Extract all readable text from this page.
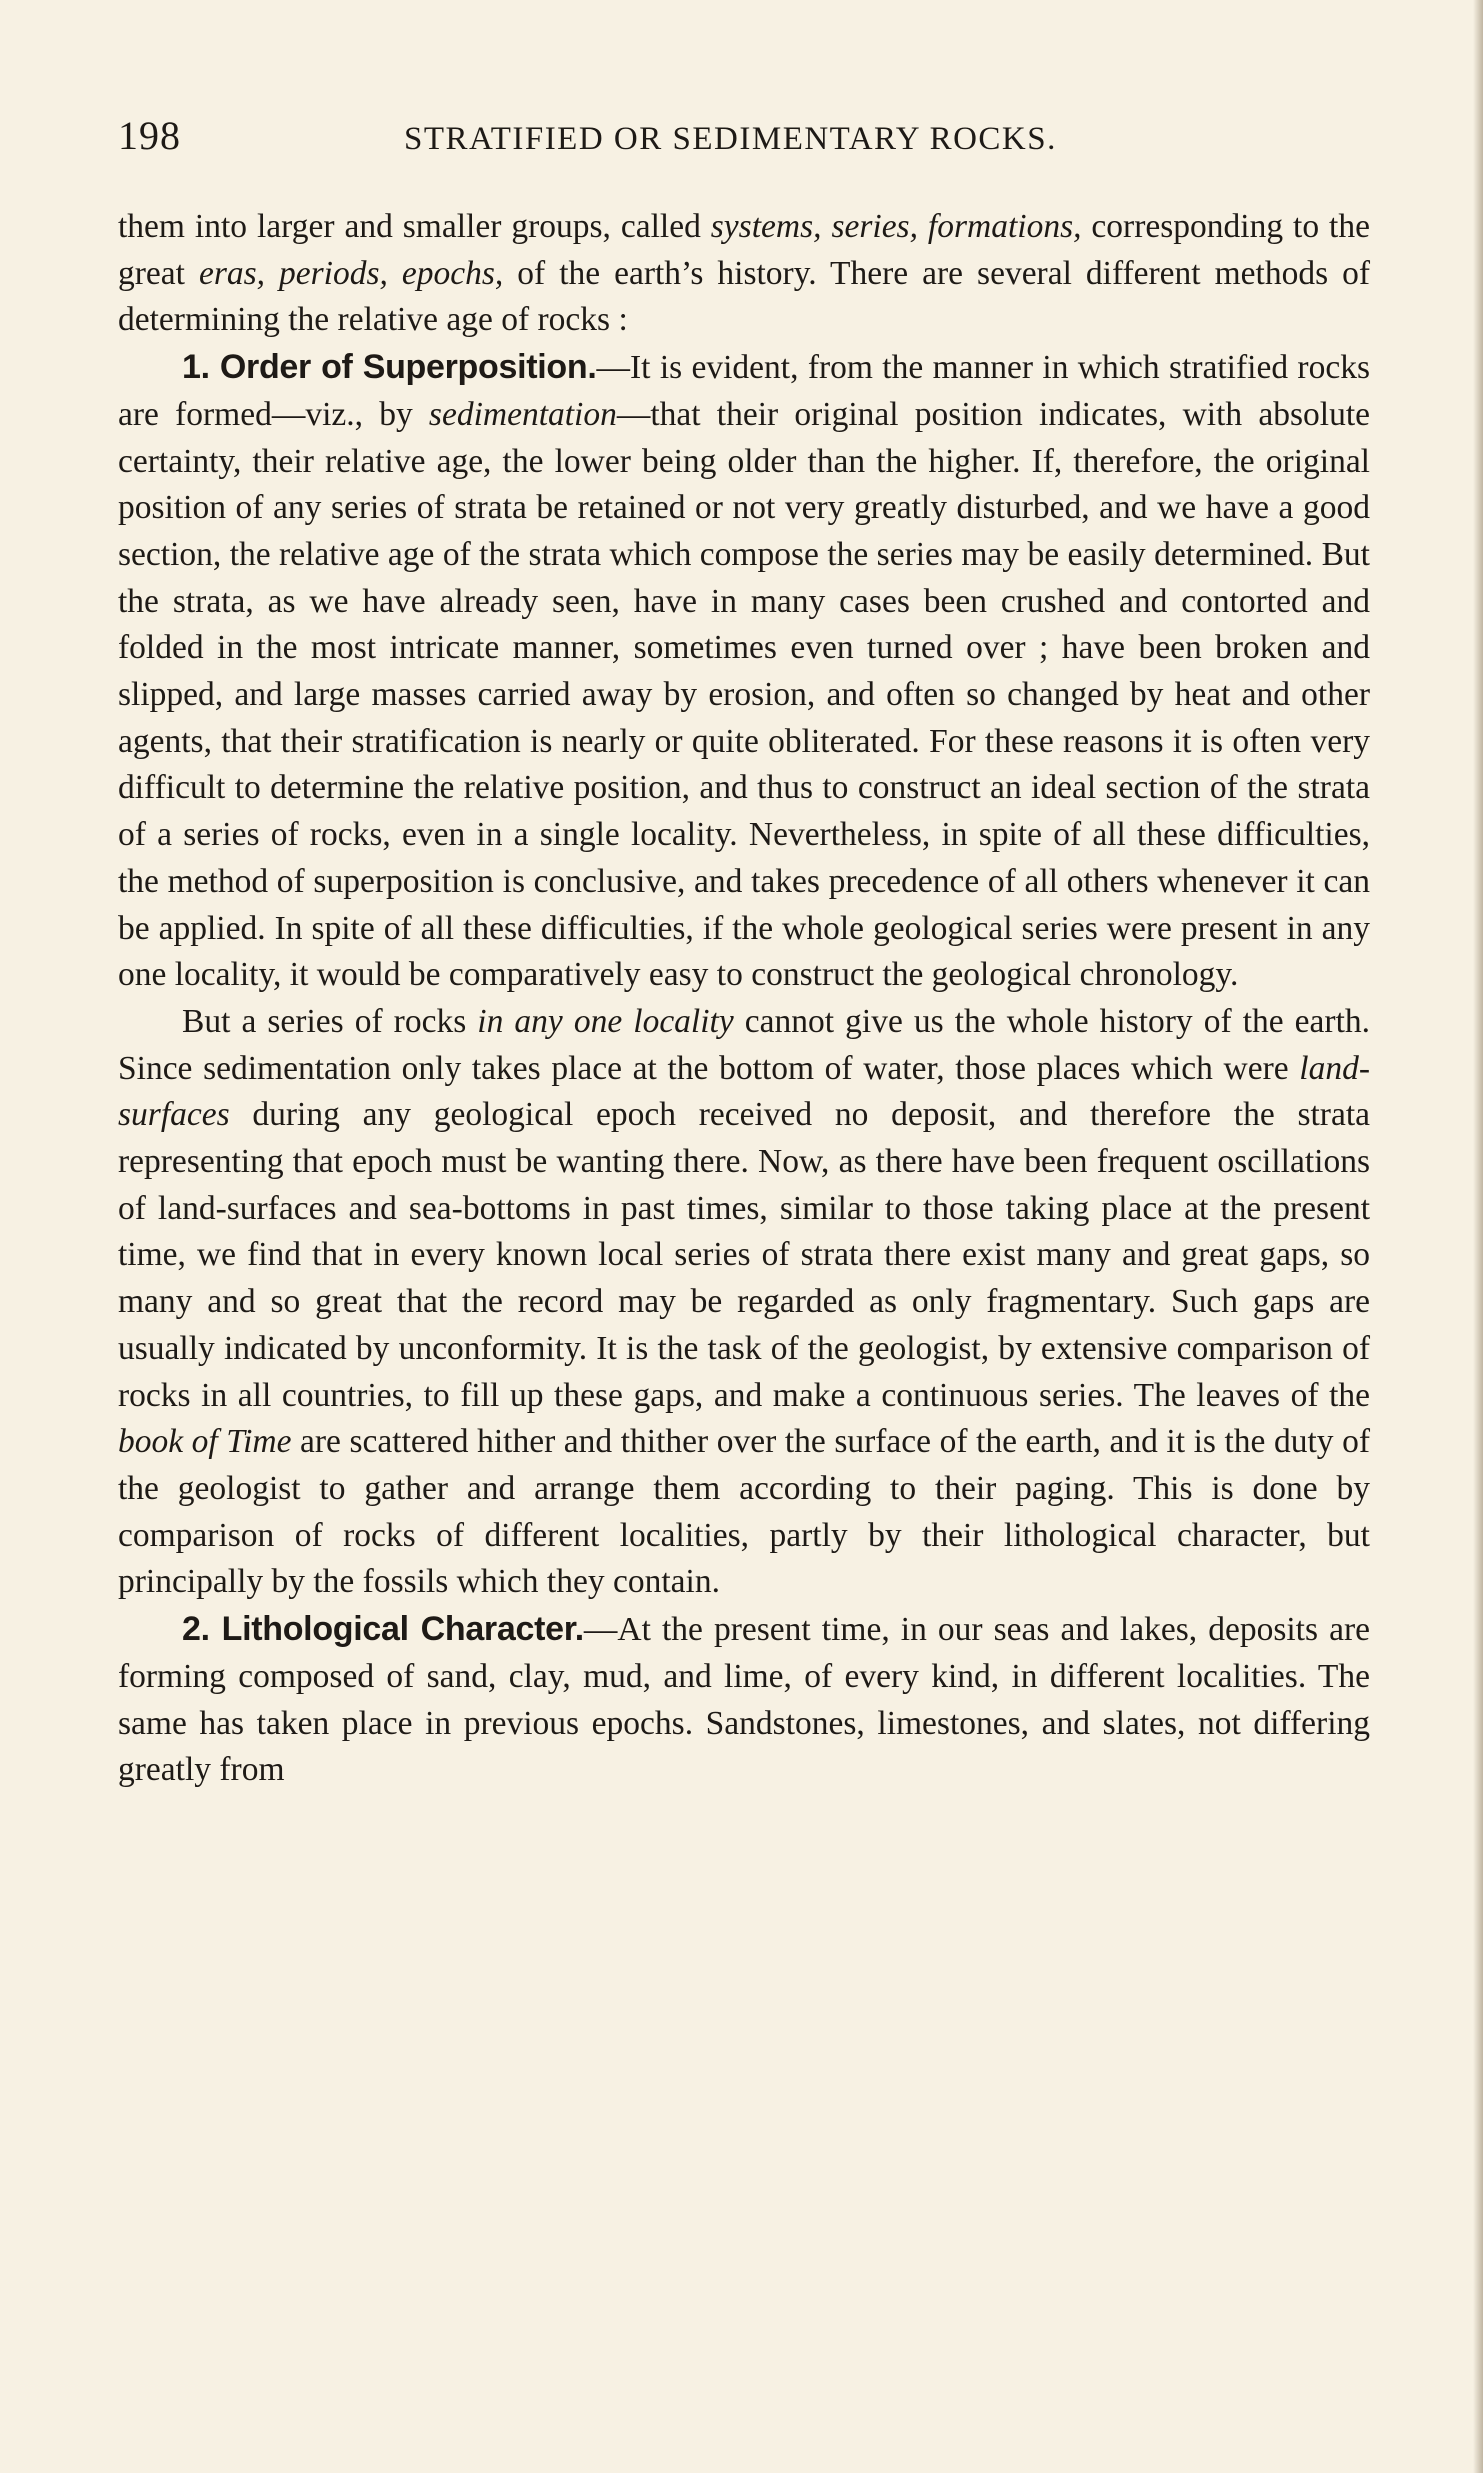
198	STRATIFIED OR SEDIMENTARY ROCKS.

them into larger and smaller groups, called systems, series, formations, corresponding to the great eras, periods, epochs, of the earth’s history. There are several different methods of determining the relative age of rocks :

1. Order of Superposition.—It is evident, from the manner in which stratified rocks are formed—viz., by sedimentation—that their original position indicates, with absolute certainty, their relative age, the lower being older than the higher. If, therefore, the original position of any series of strata be retained or not very greatly disturbed, and we have a good section, the relative age of the strata which compose the series may be easily determined. But the strata, as we have already seen, have in many cases been crushed and contorted and folded in the most intricate manner, sometimes even turned over ; have been broken and slipped, and large masses carried away by erosion, and often so changed by heat and other agents, that their stratification is nearly or quite obliterated. For these reasons it is often very difficult to determine the relative position, and thus to construct an ideal section of the strata of a series of rocks, even in a single locality. Nevertheless, in spite of all these difficulties, the method of superposition is conclusive, and takes precedence of all others whenever it can be applied. In spite of all these difficulties, if the whole geological series were present in any one locality, it would be comparatively easy to construct the geological chronology.

But a series of rocks in any one locality cannot give us the whole history of the earth. Since sedimentation only takes place at the bottom of water, those places which were land-surfaces during any geological epoch received no deposit, and therefore the strata representing that epoch must be wanting there. Now, as there have been frequent oscillations of land-surfaces and sea-bottoms in past times, similar to those taking place at the present time, we find that in every known local series of strata there exist many and great gaps, so many and so great that the record may be regarded as only fragmentary. Such gaps are usually indicated by unconformity. It is the task of the geologist, by extensive comparison of rocks in all countries, to fill up these gaps, and make a continuous series. The leaves of the book of Time are scattered hither and thither over the surface of the earth, and it is the duty of the geologist to gather and arrange them according to their paging. This is done by comparison of rocks of different localities, partly by their lithological character, but principally by the fossils which they contain.

2. Lithological Character.—At the present time, in our seas and lakes, deposits are forming composed of sand, clay, mud, and lime, of every kind, in different localities. The same has taken place in previous epochs. Sandstones, limestones, and slates, not differing greatly from
